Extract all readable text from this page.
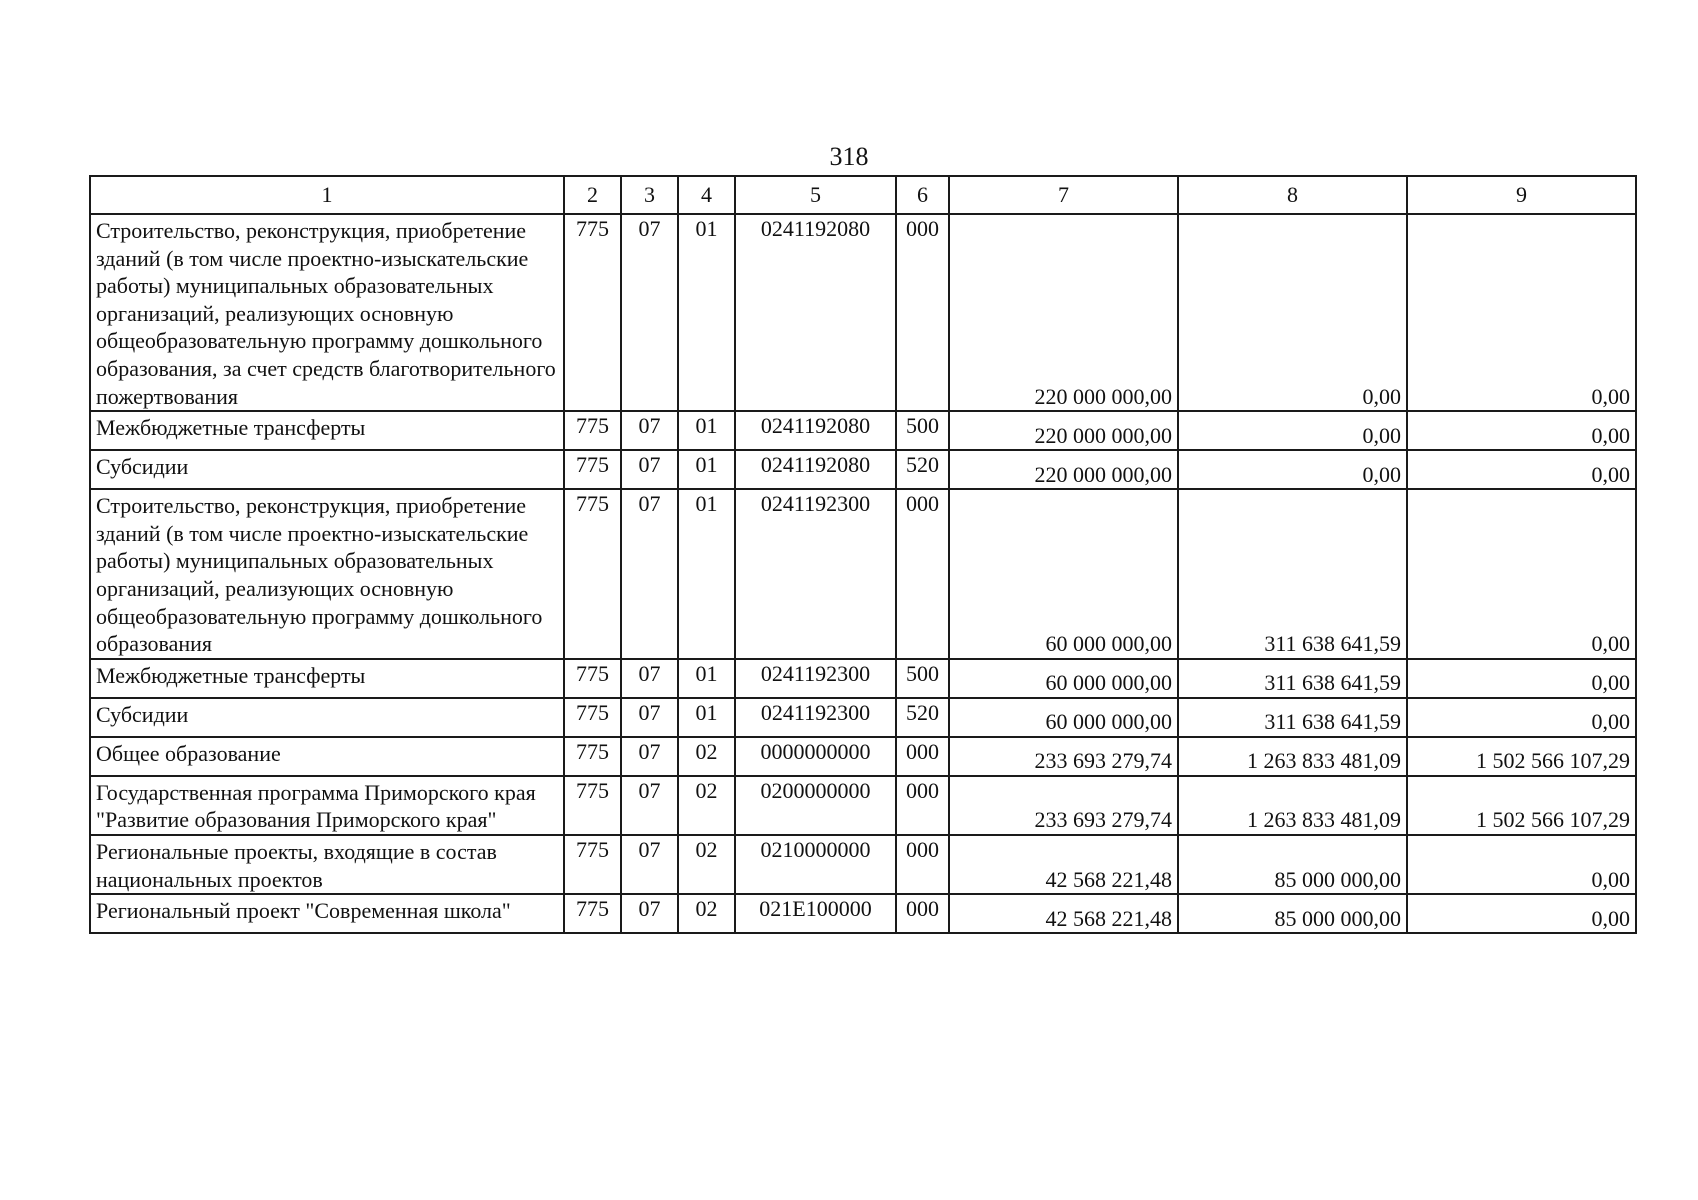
318
1	2	3	4	5	6	7	8	9
Строительство, реконструкция, приобретение зданий (в том числе проектно-изыскательские работы) муниципальных образовательных организаций, реализующих основную общеобразовательную программу дошкольного образования, за счет средств благотворительного пожертвования	775	07	01	0241192080	000	220 000 000,00	0,00	0,00
Межбюджетные трансферты	775	07	01	0241192080	500	220 000 000,00	0,00	0,00
Субсидии	775	07	01	0241192080	520	220 000 000,00	0,00	0,00
Строительство, реконструкция, приобретение зданий (в том числе проектно-изыскательские работы) муниципальных образовательных организаций, реализующих основную общеобразовательную программу дошкольного образования	775	07	01	0241192300	000	60 000 000,00	311 638 641,59	0,00
Межбюджетные трансферты	775	07	01	0241192300	500	60 000 000,00	311 638 641,59	0,00
Субсидии	775	07	01	0241192300	520	60 000 000,00	311 638 641,59	0,00
Общее образование	775	07	02	0000000000	000	233 693 279,74	1 263 833 481,09	1 502 566 107,29
Государственная программа Приморского края "Развитие образования Приморского края"	775	07	02	0200000000	000	233 693 279,74	1 263 833 481,09	1 502 566 107,29
Региональные проекты, входящие в состав национальных проектов	775	07	02	0210000000	000	42 568 221,48	85 000 000,00	0,00
Региональный проект "Современная школа"	775	07	02	021E100000	000	42 568 221,48	85 000 000,00	0,00
